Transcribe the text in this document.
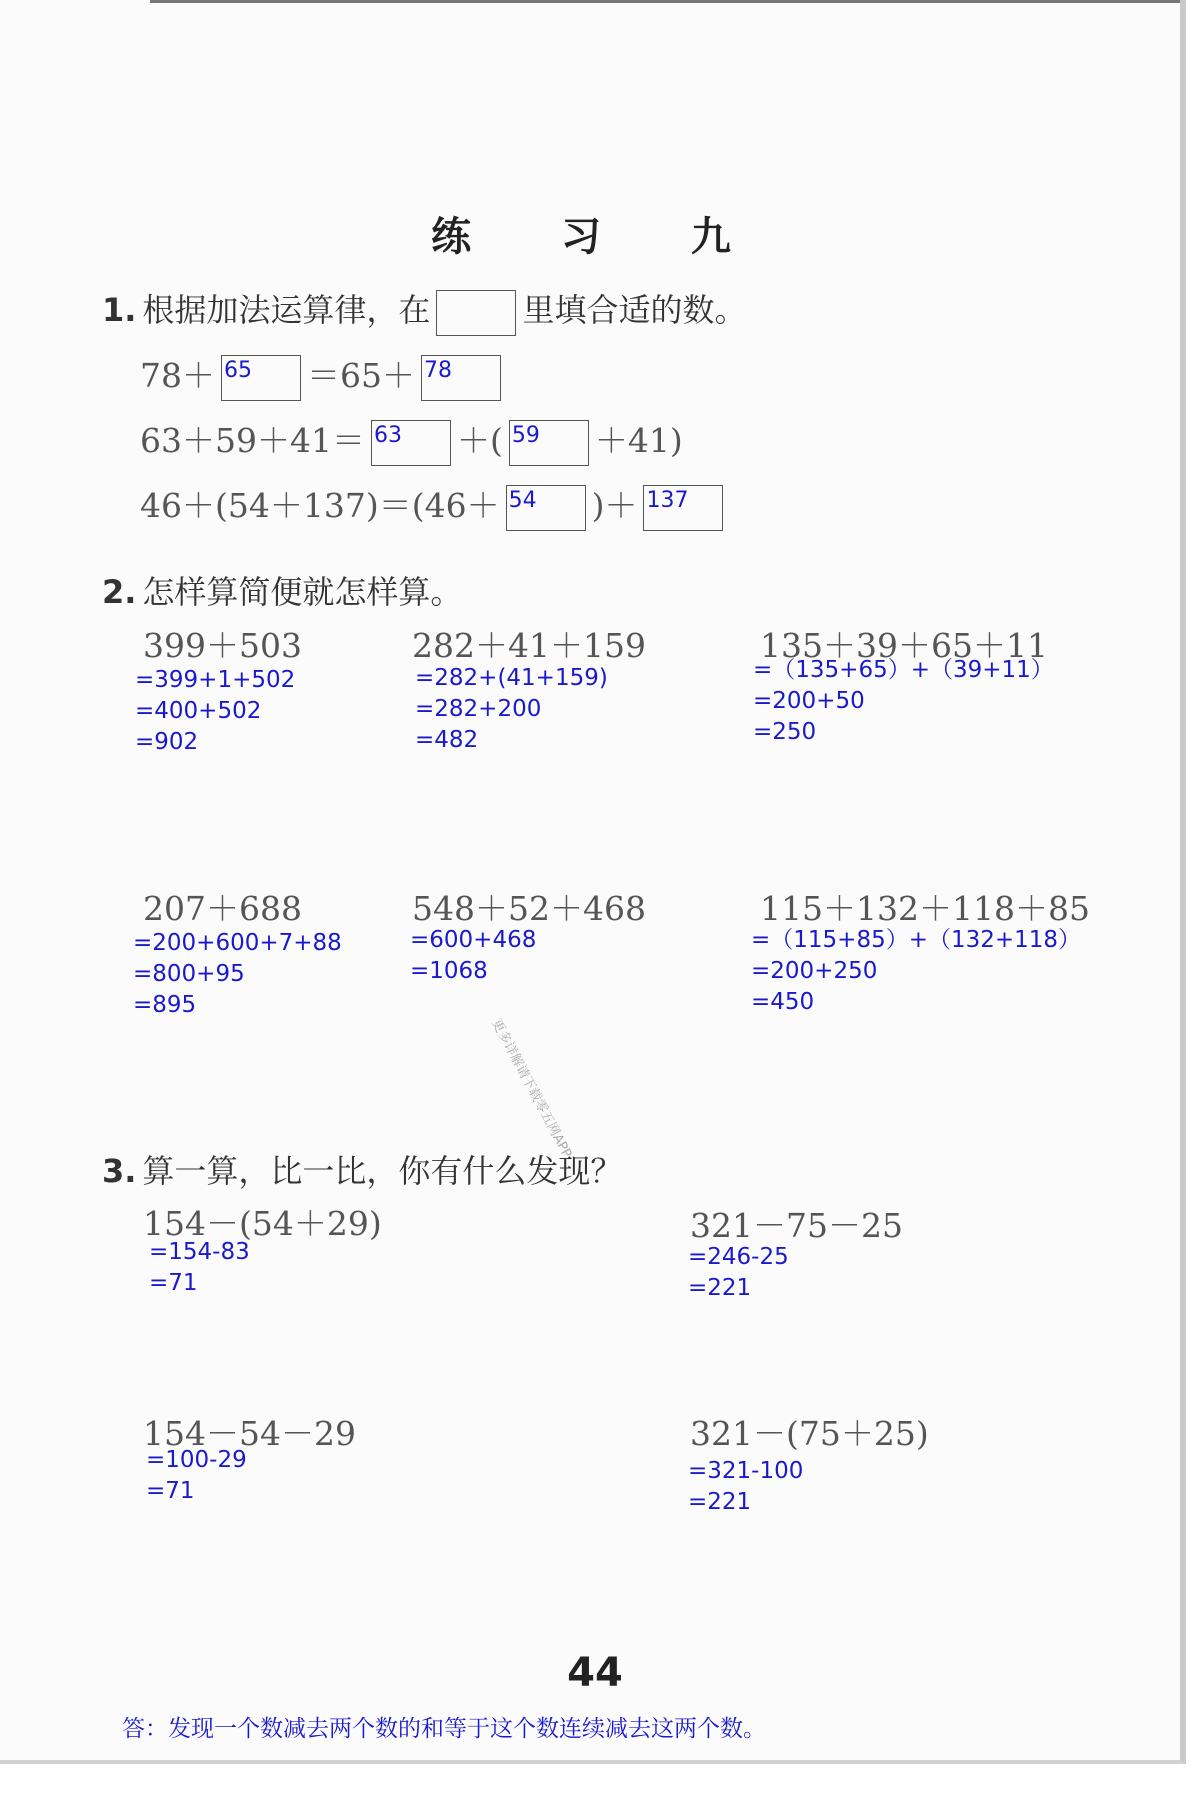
练 习 九
1. 根据加法运算律，在	里填合适的数。
78＋ 65 ＝65＋ 78
63＋59＋41＝ 63 ＋( 59 ＋41)
46＋(54＋137)＝(46＋ 54 )＋ 137
2. 怎样算简便就怎样算。
399＋503
=399+1+502
=400+502
=902
282＋41＋159
=282+(41+159)
=282+200
=482
135＋39＋65＋11
=（135+65）+（39+11）
=200+50
=250
207＋688
=200+600+7+88
=800+95
=895
548＋52＋468
=600+468
=1068
115＋132＋118＋85
=（115+85）+（132+118）
=200+250
=450
更多详解请下载零五网APP
3. 算一算，比一比，你有什么发现？
154－(54＋29)
=154-83
=71
321－75－25
=246-25
=221
154－54－29
=100-29
=71
321－(75＋25)
=321-100
=221
44
答：发现一个数减去两个数的和等于这个数连续减去这两个数。
